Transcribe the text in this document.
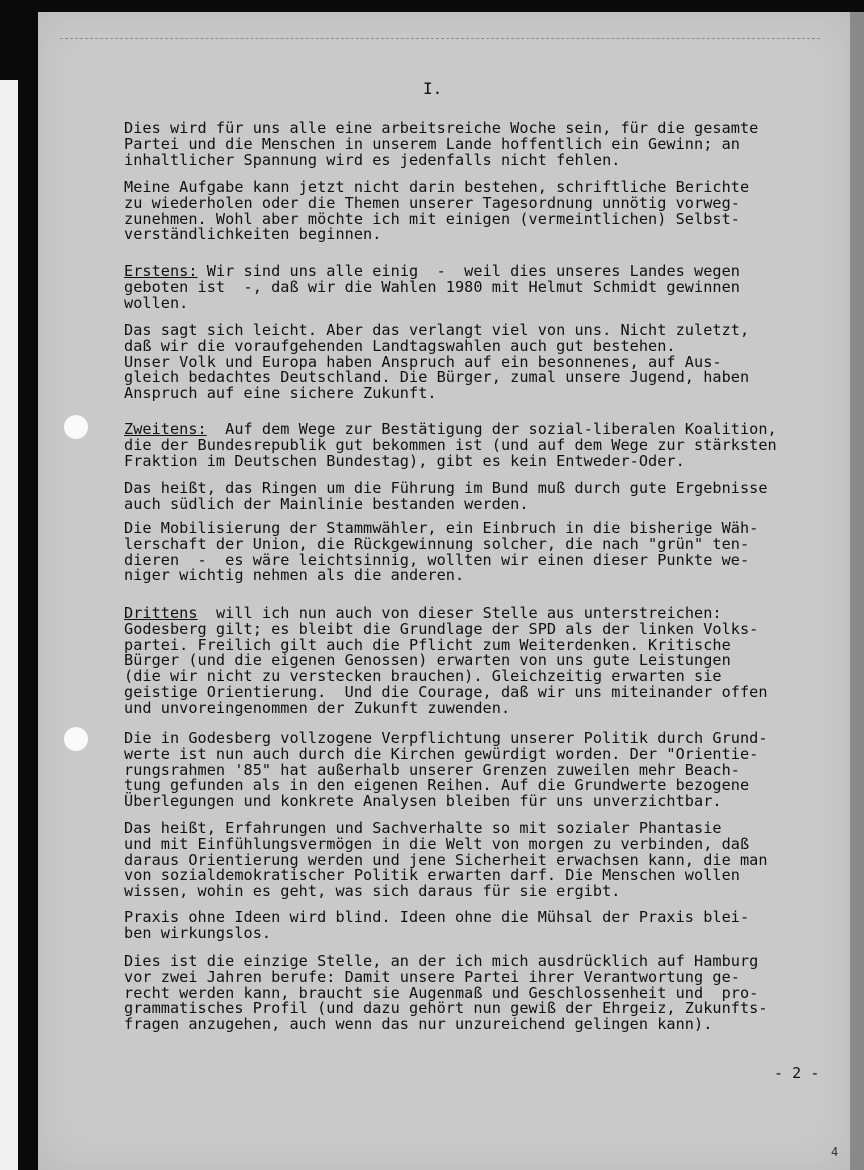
I.
Dies wird für uns alle eine arbeitsreiche Woche sein, für die gesamte
Partei und die Menschen in unserem Lande hoffentlich ein Gewinn; an
inhaltlicher Spannung wird es jedenfalls nicht fehlen.
Meine Aufgabe kann jetzt nicht darin bestehen, schriftliche Berichte
zu wiederholen oder die Themen unserer Tagesordnung unnötig vorweg-
zunehmen. Wohl aber möchte ich mit einigen (vermeintlichen) Selbst-
verständlichkeiten beginnen.
Erstens: Wir sind uns alle einig  -  weil dies unseres Landes wegen
geboten ist  -, daß wir die Wahlen 1980 mit Helmut Schmidt gewinnen
wollen.
Das sagt sich leicht. Aber das verlangt viel von uns. Nicht zuletzt,
daß wir die voraufgehenden Landtagswahlen auch gut bestehen.
Unser Volk und Europa haben Anspruch auf ein besonnenes, auf Aus-
gleich bedachtes Deutschland. Die Bürger, zumal unsere Jugend, haben
Anspruch auf eine sichere Zukunft.
Zweitens:  Auf dem Wege zur Bestätigung der sozial-liberalen Koalition,
die der Bundesrepublik gut bekommen ist (und auf dem Wege zur stärksten
Fraktion im Deutschen Bundestag), gibt es kein Entweder-Oder.
Das heißt, das Ringen um die Führung im Bund muß durch gute Ergebnisse
auch südlich der Mainlinie bestanden werden.
Die Mobilisierung der Stammwähler, ein Einbruch in die bisherige Wäh-
lerschaft der Union, die Rückgewinnung solcher, die nach "grün" ten-
dieren  -  es wäre leichtsinnig, wollten wir einen dieser Punkte we-
niger wichtig nehmen als die anderen.
Drittens  will ich nun auch von dieser Stelle aus unterstreichen:
Godesberg gilt; es bleibt die Grundlage der SPD als der linken Volks-
partei. Freilich gilt auch die Pflicht zum Weiterdenken. Kritische
Bürger (und die eigenen Genossen) erwarten von uns gute Leistungen
(die wir nicht zu verstecken brauchen). Gleichzeitig erwarten sie
geistige Orientierung.  Und die Courage, daß wir uns miteinander offen
und unvoreingenommen der Zukunft zuwenden.
Die in Godesberg vollzogene Verpflichtung unserer Politik durch Grund-
werte ist nun auch durch die Kirchen gewürdigt worden. Der "Orientie-
rungsrahmen '85" hat außerhalb unserer Grenzen zuweilen mehr Beach-
tung gefunden als in den eigenen Reihen. Auf die Grundwerte bezogene
Überlegungen und konkrete Analysen bleiben für uns unverzichtbar.
Das heißt, Erfahrungen und Sachverhalte so mit sozialer Phantasie
und mit Einfühlungsvermögen in die Welt von morgen zu verbinden, daß
daraus Orientierung werden und jene Sicherheit erwachsen kann, die man
von sozialdemokratischer Politik erwarten darf. Die Menschen wollen
wissen, wohin es geht, was sich daraus für sie ergibt.
Praxis ohne Ideen wird blind. Ideen ohne die Mühsal der Praxis blei-
ben wirkungslos.
Dies ist die einzige Stelle, an der ich mich ausdrücklich auf Hamburg
vor zwei Jahren berufe: Damit unsere Partei ihrer Verantwortung ge-
recht werden kann, braucht sie Augenmaß und Geschlossenheit und  pro-
grammatisches Profil (und dazu gehört nun gewiß der Ehrgeiz, Zukunfts-
fragen anzugehen, auch wenn das nur unzureichend gelingen kann).
- 2 -
4
